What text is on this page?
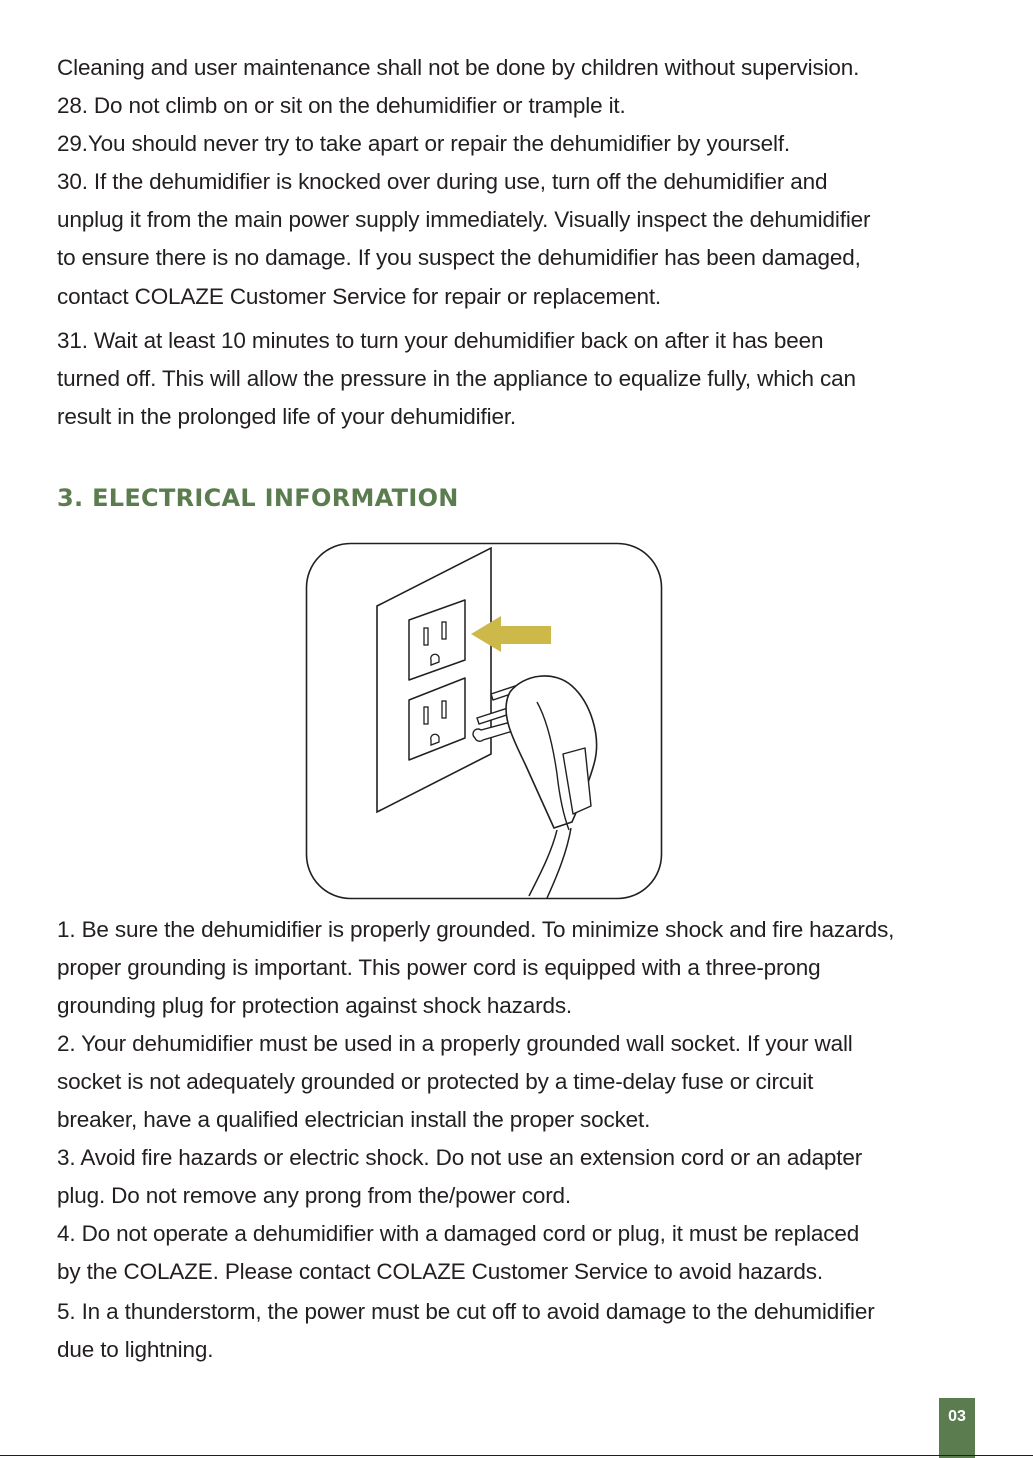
Cleaning and user maintenance shall not be done by children without supervision.

28. Do not climb on or sit on the dehumidifier or trample it.

29.You should never try to take apart or repair the dehumidifier by yourself.

30. If the dehumidifier is knocked over during use, turn off the dehumidifier and

unplug it from the main power supply immediately. Visually inspect the dehumidifier

to ensure there is no damage. If you suspect the dehumidifier has been damaged,

contact COLAZE Customer Service for repair or replacement.

31. Wait at least 10 minutes to turn your dehumidifier back on after it has been

turned off. This will allow the pressure in the appliance to equalize fully, which can

result in the prolonged life of your dehumidifier.

3. ELECTRICAL INFORMATION

1. Be sure the dehumidifier is properly grounded. To minimize shock and fire hazards,

proper grounding is important. This power cord is equipped with a three-prong

grounding plug for protection against shock hazards.

2. Your dehumidifier must be used in a properly grounded wall socket. If your wall

socket is not adequately grounded or protected by a time-delay fuse or circuit

breaker, have a qualified electrician install the proper socket.

3. Avoid fire hazards or electric shock. Do not use an extension cord or an adapter

plug. Do not remove any prong from the/power cord.

4. Do not operate a dehumidifier with a damaged cord or plug, it must be replaced

by the COLAZE. Please contact COLAZE Customer Service to avoid hazards.

5. In a thunderstorm, the power must be cut off to avoid damage to the dehumidifier

due to lightning.

03
